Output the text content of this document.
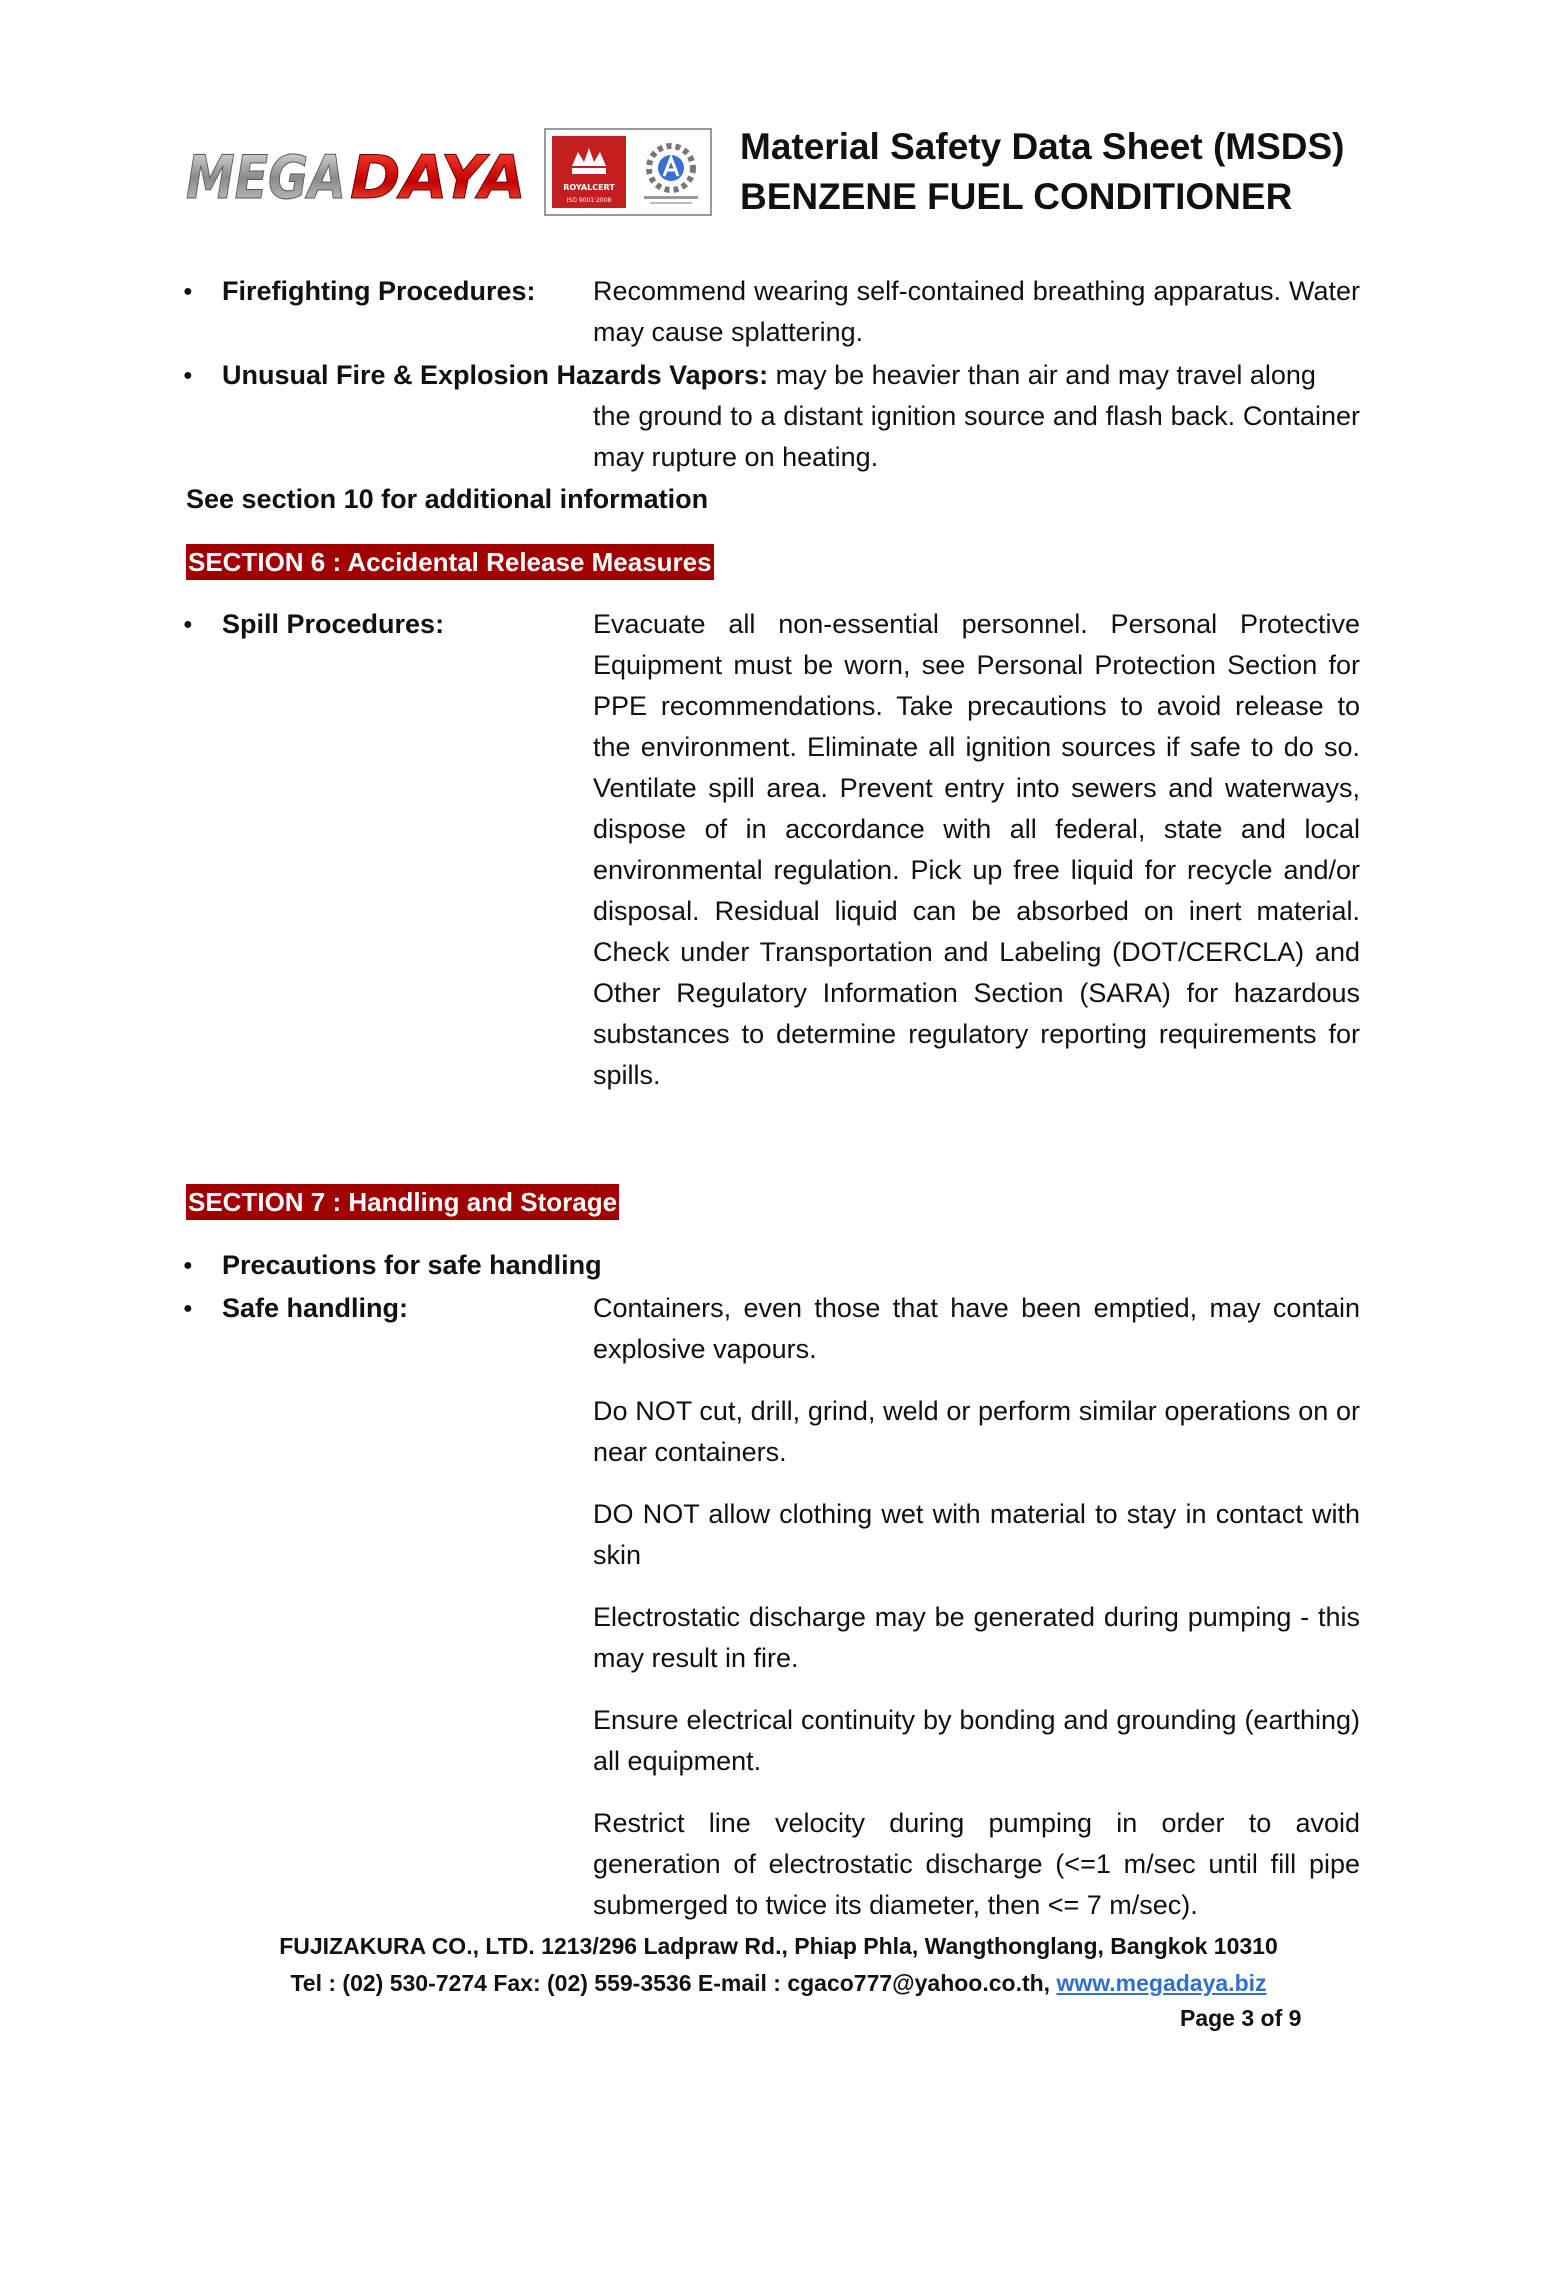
MEGA DAYA	ROYALCERT
ISO 9001:2008
Material Safety Data Sheet (MSDS)
BENZENE FUEL CONDITIONER
● Firefighting Procedures: Recommend wearing self-contained breathing apparatus. Water may cause splattering.
● Unusual Fire & Explosion Hazards Vapors: may be heavier than air and may travel along
the ground to a distant ignition source and flash back. Container may rupture on heating.
See section 10 for additional information
SECTION 6 : Accidental Release Measures
● Spill Procedures:	Evacuate all non-essential personnel. Personal Protective Equipment must be worn, see Personal Protection Section for PPE recommendations. Take precautions to avoid release to the environment. Eliminate all ignition sources if safe to do so. Ventilate spill area. Prevent entry into sewers and waterways, dispose of in accordance with all federal, state and local environmental regulation. Pick up free liquid for recycle and/or disposal. Residual liquid can be absorbed on inert material. Check under Transportation and Labeling (DOT/CERCLA) and Other Regulatory Information Section (SARA) for hazardous substances to determine regulatory reporting requirements for spills.
SECTION 7 : Handling and Storage
● Precautions for safe handling
● Safe handling:	Containers, even those that have been emptied, may contain explosive vapours.
Do NOT cut, drill, grind, weld or perform similar operations on or near containers.
DO NOT allow clothing wet with material to stay in contact with skin
Electrostatic discharge may be generated during pumping - this may result in fire.
Ensure electrical continuity by bonding and grounding (earthing) all equipment.
Restrict line velocity during pumping in order to avoid generation of electrostatic discharge (<=1 m/sec until fill pipe submerged to twice its diameter, then <= 7 m/sec).
FUJIZAKURA CO., LTD. 1213/296 Ladpraw Rd., Phiap Phla, Wangthonglang, Bangkok 10310
Tel : (02) 530-7274 Fax: (02) 559-3536 E-mail : cgaco777@yahoo.co.th, www.megadaya.biz
Page 3 of 9
